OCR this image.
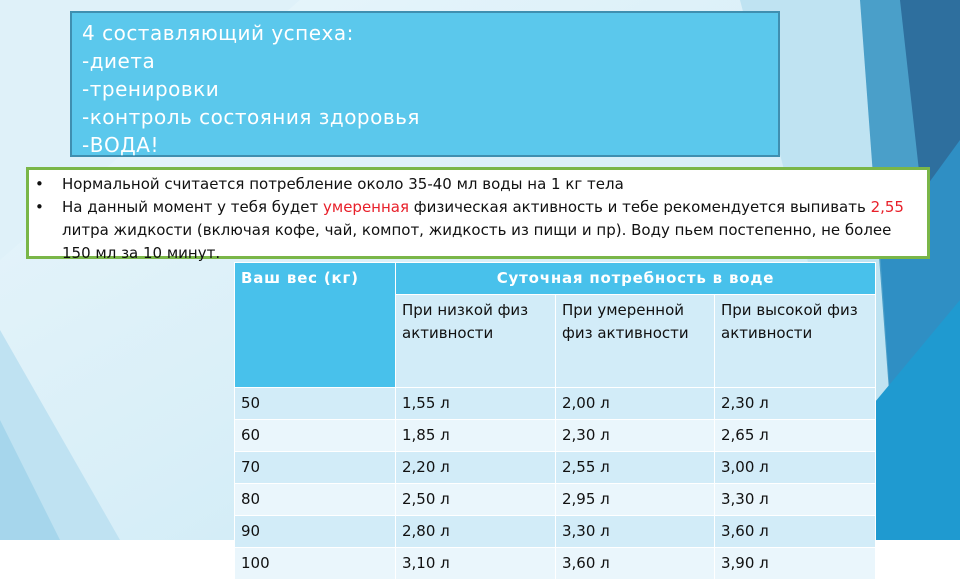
4 составляющий успеха:
-диета
-тренировки
-контроль состояния здоровья
-ВОДА!
• Нормальной считается потребление около 35-40 мл воды на 1 кг тела
• На данный момент у тебя будет умеренная физическая активность и тебе рекомендуется выпивать 2,55 литра жидкости (включая кофе, чай, компот, жидкость из пищи и пр). Воду пьем постепенно, не более 150 мл за 10 минут.
Ваш вес (кг)	Суточная потребность в воде		
	При низкой физ активности	При умеренной физ активности	При высокой физ активности
50	1,55 л	2,00 л	2,30 л
60	1,85 л	2,30 л	2,65 л
70	2,20 л	2,55 л	3,00 л
80	2,50 л	2,95 л	3,30 л
90	2,80 л	3,30 л	3,60 л
100	3,10 л	3,60 л	3,90 л
